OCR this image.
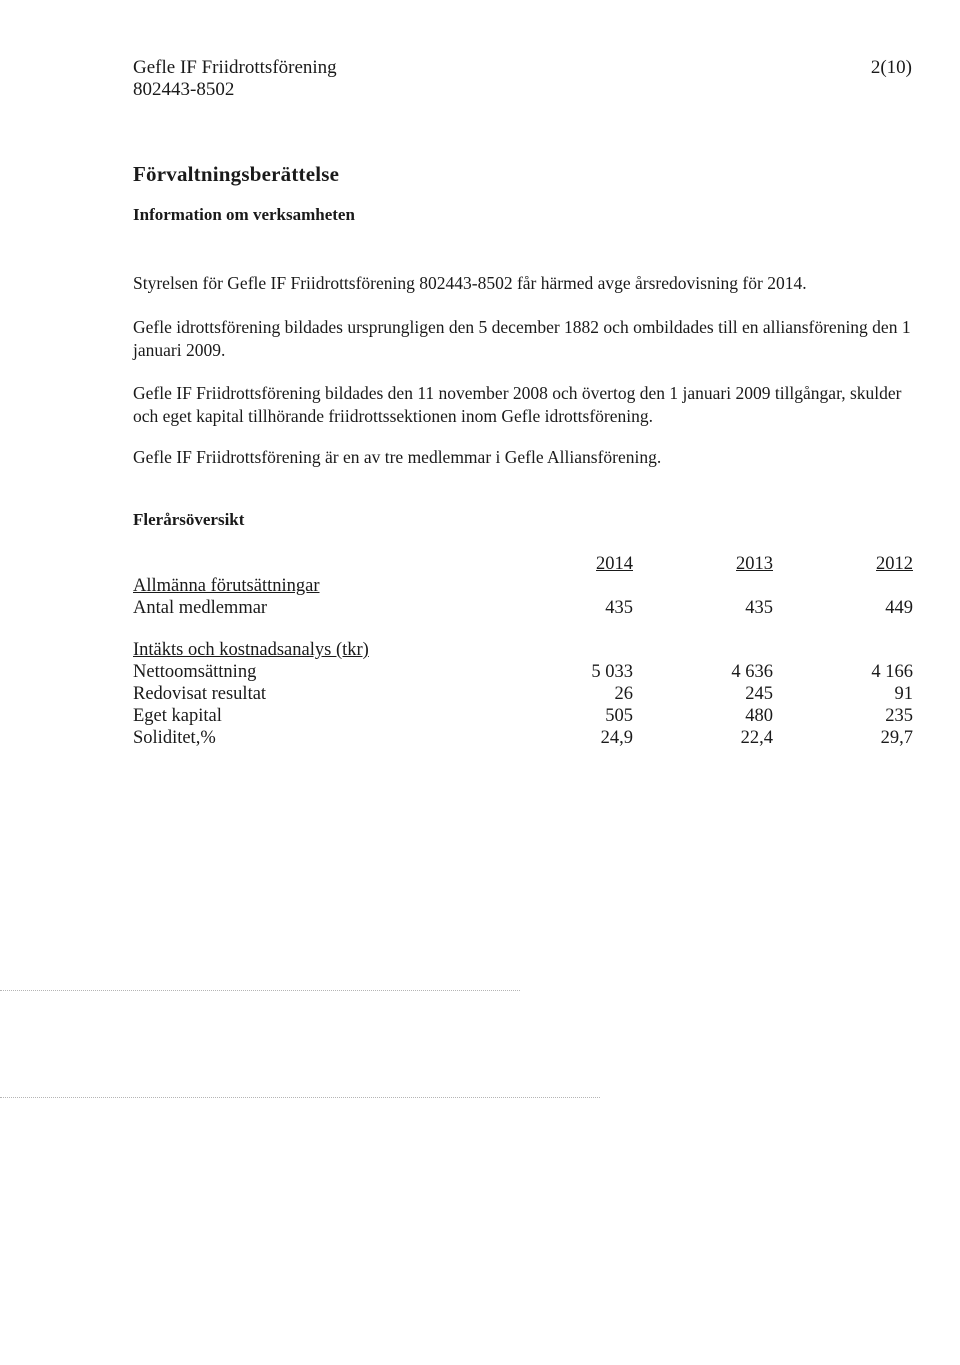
Gefle IF Friidrottsförening
802443-8502
2(10)
Förvaltningsberättelse
Information om verksamheten

Styrelsen för Gefle IF Friidrottsförening 802443-8502 får härmed avge årsredovisning för 2014.

Gefle idrottsförening bildades ursprungligen den 5 december 1882 och ombildades till en alliansförening den 1 januari 2009.

Gefle IF Friidrottsförening bildades den 11 november 2008 och övertog den 1 januari 2009 tillgångar, skulder och eget kapital tillhörande friidrottssektionen inom Gefle idrottsförening.

Gefle IF Friidrottsförening är en av tre medlemmar i Gefle Alliansförening.

Flerårsöversikt
	2014	2013	2012
Allmänna förutsättningar			
Antal medlemmar	435	435	449

Intäkts och kostnadsanalys (tkr)			
Nettoomsättning	5 033	4 636	4 166
Redovisat resultat	26	245	91
Eget kapital	505	480	235
Soliditet,%	24,9	22,4	29,7
